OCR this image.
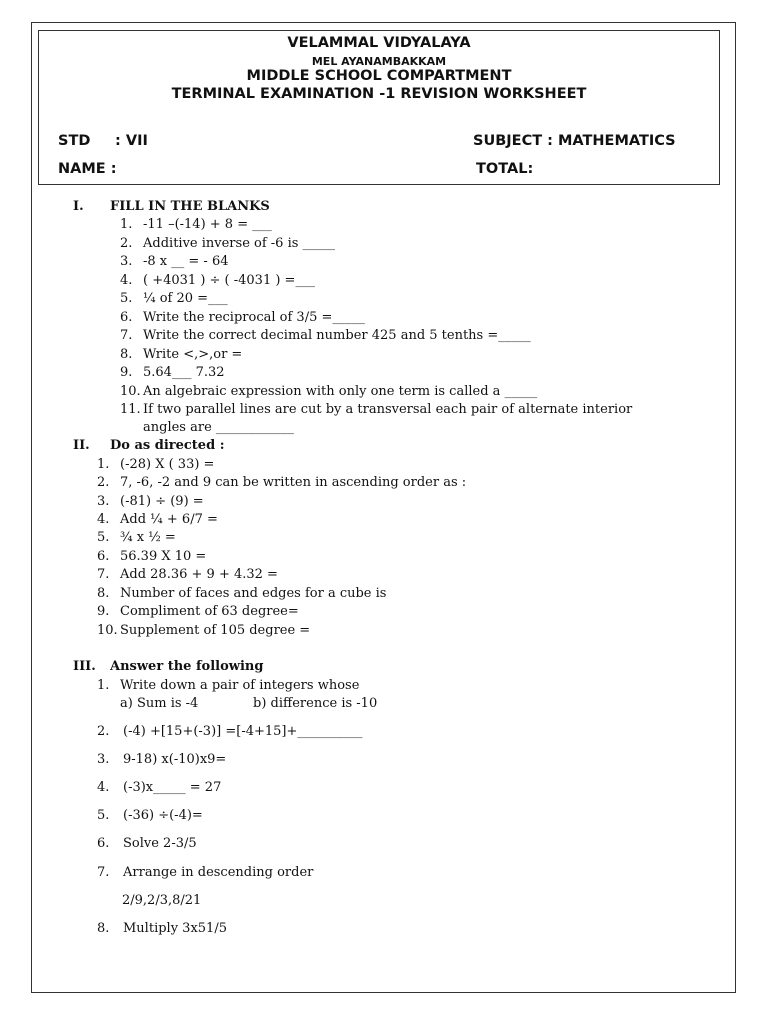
VELAMMAL VIDYALAYA
MEL AYANAMBAKKAM
MIDDLE SCHOOL COMPARTMENT
TERMINAL EXAMINATION -1 REVISION WORKSHEET
STD : VII	SUBJECT : MATHEMATICS
NAME :	TOTAL:
I. FILL IN THE BLANKS
1. -11 –(-14) + 8 = ___
2. Additive inverse of -6 is _____
3. -8 x __ = - 64
4. ( +4031 ) ÷ ( -4031 ) =___
5. ¼ of 20 =___
6. Write the reciprocal of 3/5 =_____
7. Write the correct decimal number 425 and 5 tenths =_____
8. Write <,>,or =
9. 5.64___ 7.32
10. An algebraic expression with only one term is called a _____
11. If two parallel lines are cut by a transversal each pair of alternate interior
angles are ____________
II. Do as directed :
1. (-28) X ( 33) =
2. 7, -6, -2 and 9 can be written in ascending order as :
3. (-81) ÷ (9) =
4. Add ¼ + 6/7 =
5. ¾ x ½ =
6. 56.39 X 10 =
7. Add 28.36 + 9 + 4.32 =
8. Number of faces and edges for a cube is
9. Compliment of 63 degree=
10. Supplement of 105 degree =
III. Answer the following
1. Write down a pair of integers whose
a) Sum is -4	b) difference is -10
2. (-4) +[15+(-3)] =[-4+15]+__________
3. 9-18) x(-10)x9=
4. (-3)x_____ = 27
5. (-36) ÷(-4)=
6. Solve 2-3/5
7. Arrange in descending order
2/9,2/3,8/21
8. Multiply 3x51/5
